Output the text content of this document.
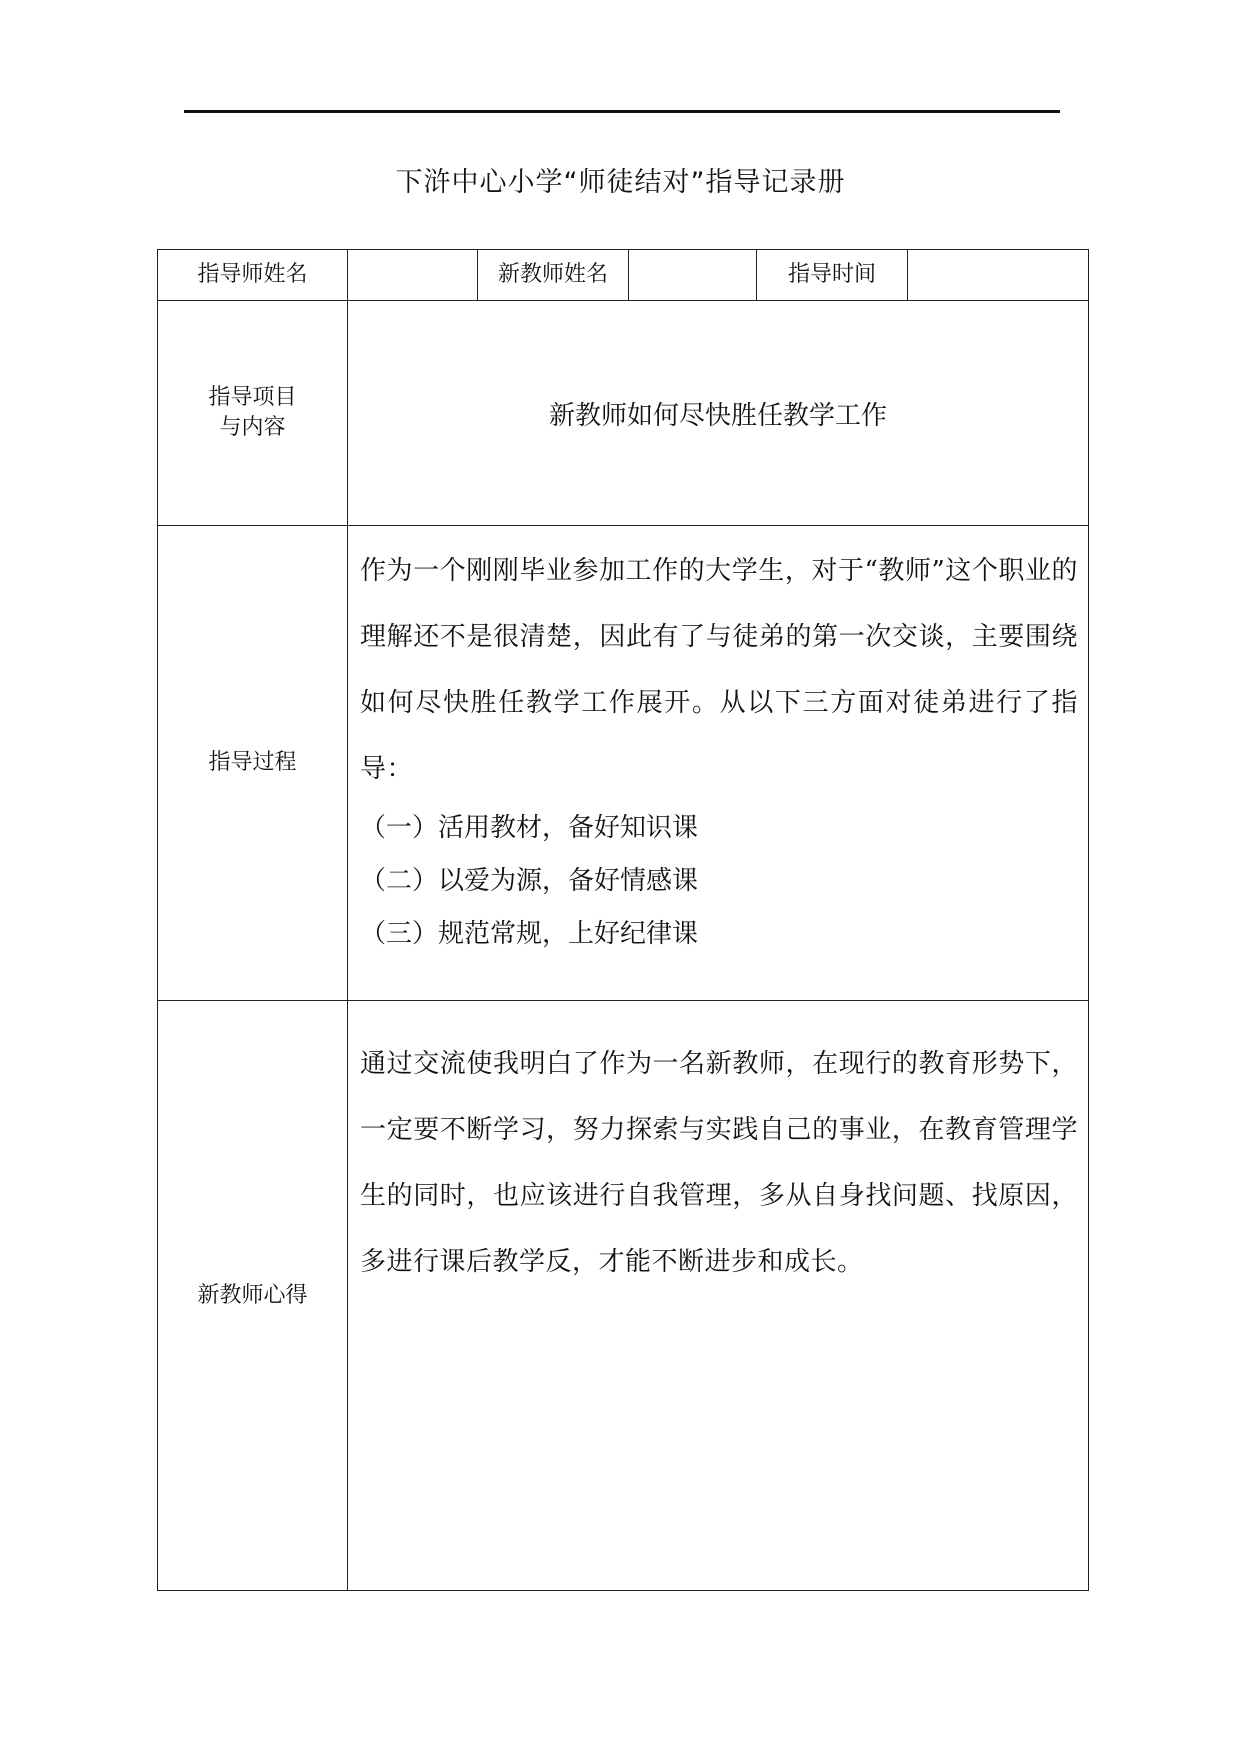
下浒中心小学“师徒结对”指导记录册
指导师姓名		新教师姓名		指导时间	

指导项目
与内容	新教师如何尽快胜任教学工作				
指导过程	作为一个刚刚毕业参加工作的大学生，对于“教师”这个职业的理解还不是很清楚，因此有了与徒弟的第一次交谈，主要围绕如何尽快胜任教学工作展开。从以下三方面对徒弟进行了指导：

（一）活用教材，备好知识课
（二）以爱为源，备好情感课
（三）规范常规，上好纪律课				

新教师心得	通过交流使我明白了作为一名新教师，在现行的教育形势下，一定要不断学习，努力探索与实践自己的事业，在教育管理学生的同时，也应该进行自我管理，多从自身找问题、找原因，多进行课后教学反，才能不断进步和成长。				
